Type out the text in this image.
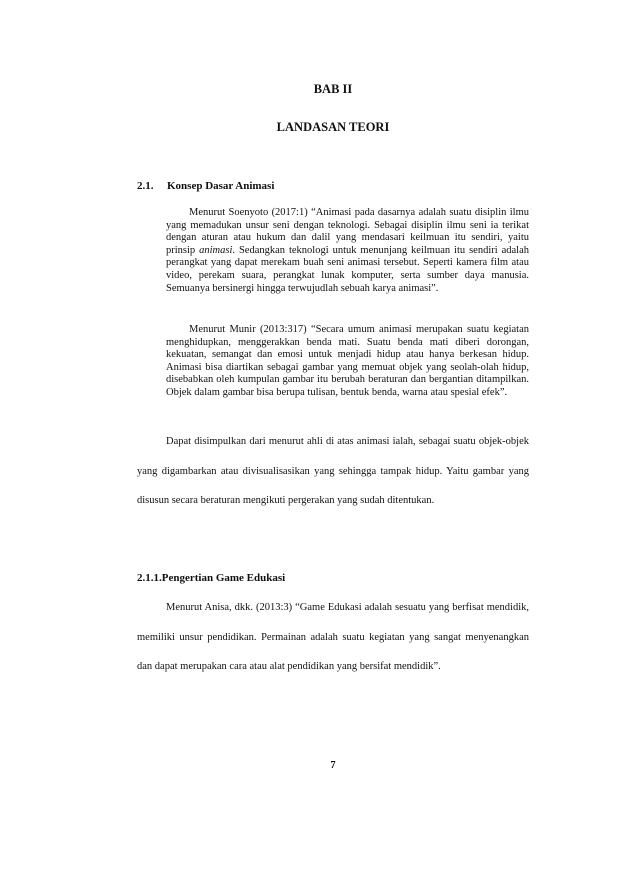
BAB II
LANDASAN TEORI
2.1. Konsep Dasar Animasi

Menurut Soenyoto (2017:1) “Animasi pada dasarnya adalah suatu disiplin ilmu yang memadukan unsur seni dengan teknologi. Sebagai disiplin ilmu seni ia terikat dengan aturan atau hukum dan dalil yang mendasari keilmuan itu sendiri, yaitu prinsip animasi. Sedangkan teknologi untuk menunjang keilmuan itu sendiri adalah perangkat yang dapat merekam buah seni animasi tersebut. Seperti kamera film atau video, perekam suara, perangkat lunak komputer, serta sumber daya manusia. Semuanya bersinergi hingga terwujudlah sebuah karya animasi”.

Menurut Munir (2013:317) “Secara umum animasi merupakan suatu kegiatan menghidupkan, menggerakkan benda mati. Suatu benda mati diberi dorongan, kekuatan, semangat dan emosi untuk menjadi hidup atau hanya berkesan hidup. Animasi bisa diartikan sebagai gambar yang memuat objek yang seolah-olah hidup, disebabkan oleh kumpulan gambar itu berubah beraturan dan bergantian ditampilkan. Objek dalam gambar bisa berupa tulisan, bentuk benda, warna atau spesial efek”.

Dapat disimpulkan dari menurut ahli di atas animasi ialah, sebagai suatu objek-objek yang digambarkan atau divisualisasikan yang sehingga tampak hidup. Yaitu gambar yang disusun secara beraturan mengikuti pergerakan yang sudah ditentukan.

2.1.1.Pengertian Game Edukasi

Menurut Anisa, dkk. (2013:3) “Game Edukasi adalah sesuatu yang berfisat mendidik, memiliki unsur pendidikan. Permainan adalah suatu kegiatan yang sangat menyenangkan dan dapat merupakan cara atau alat pendidikan yang bersifat mendidik”.

7
